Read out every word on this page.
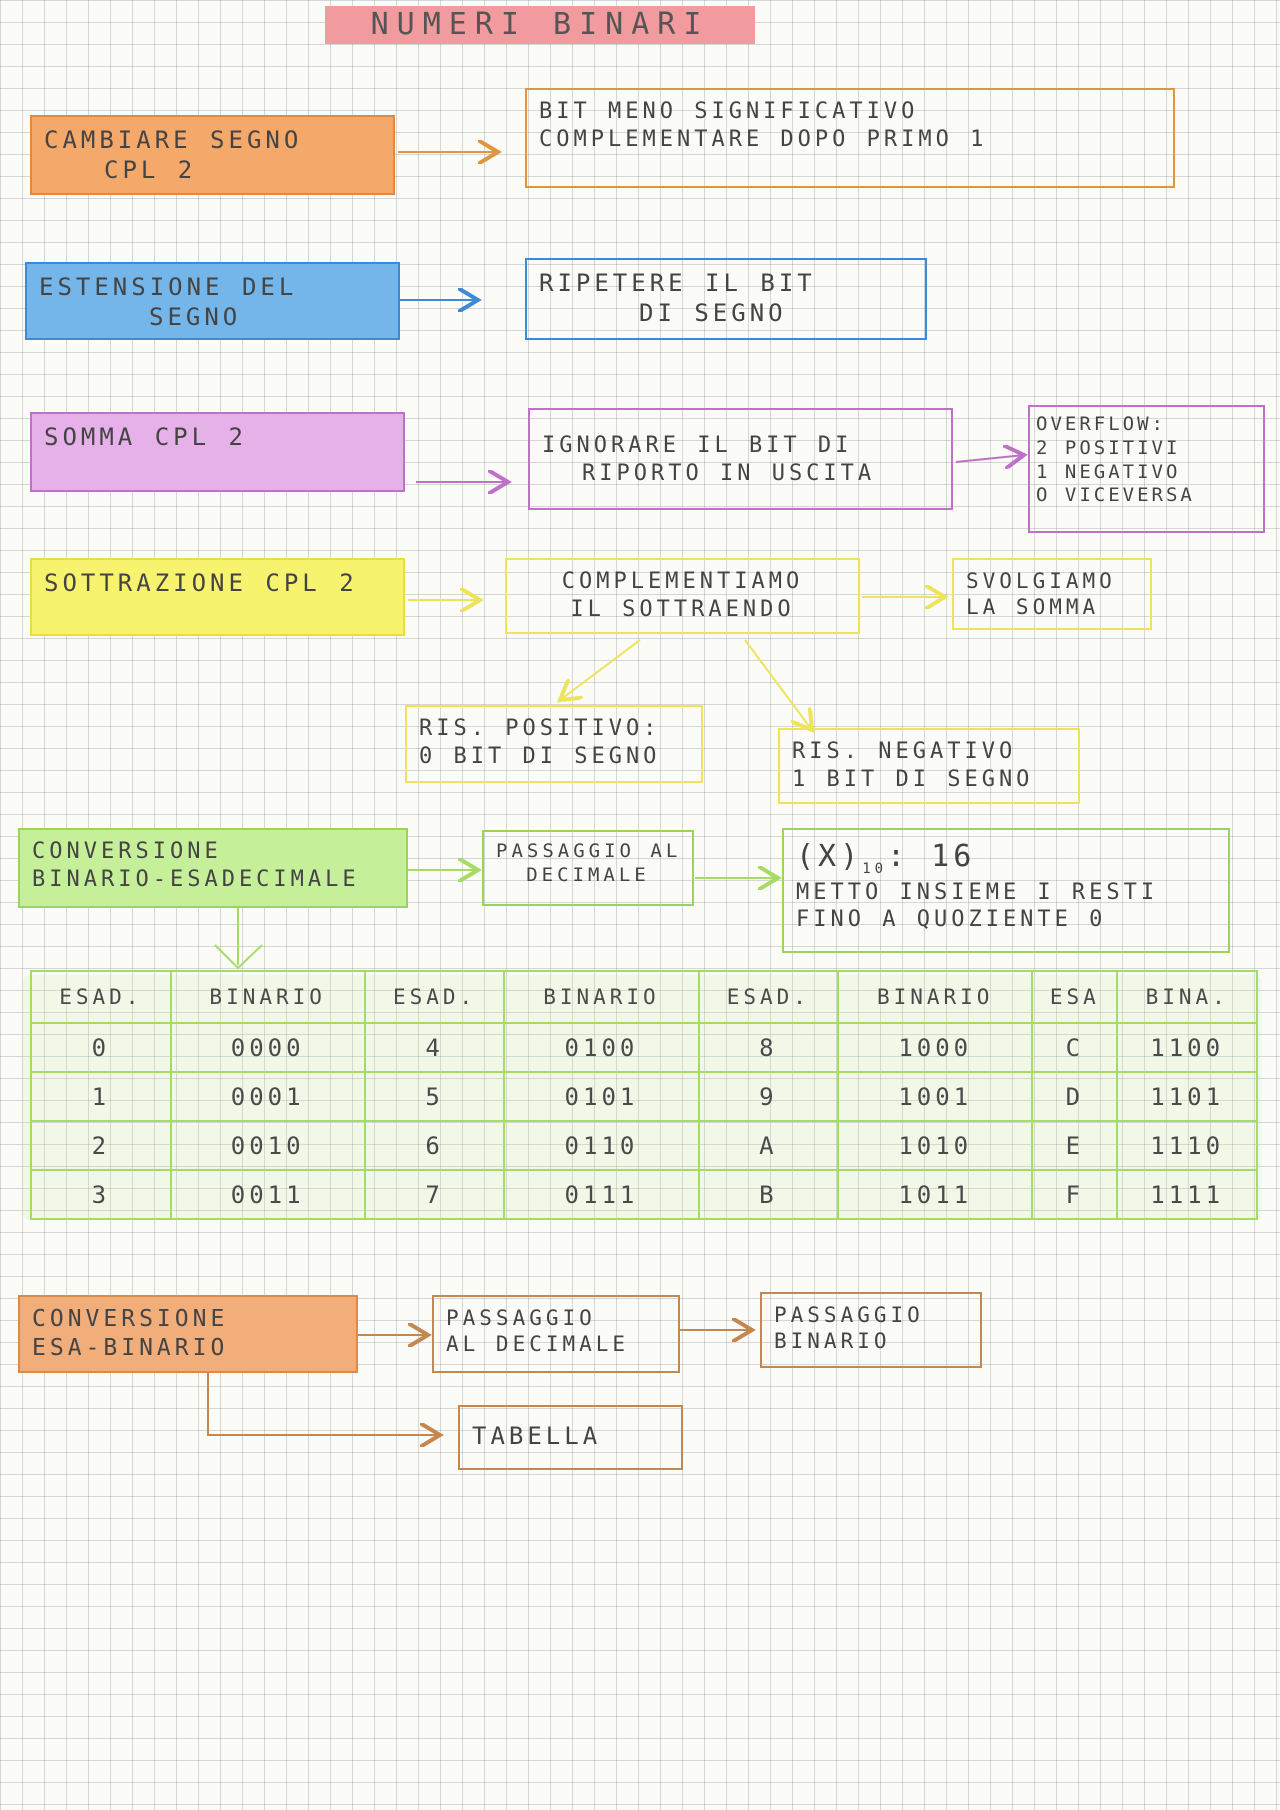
NUMERI BINARI
CAMBIARE SEGNO
CPL 2
BIT MENO SIGNIFICATIVO
COMPLEMENTARE DOPO PRIMO 1
ESTENSIONE DEL
SEGNO
RIPETERE IL BIT
DI SEGNO
SOMMA CPL 2	IGNORARE IL BIT DI
RIPORTO IN USCITA
OVERFLOW:
2 POSITIVI
1 NEGATIVO
O VICEVERSA
SOTTRAZIONE CPL 2	COMPLEMENTIAMO
IL SOTTRAENDO
SVOLGIAMO
LA SOMMA
RIS. POSITIVO:
0 BIT DI SEGNO	RIS. NEGATIVO
1 BIT DI SEGNO
CONVERSIONE
BINARIO-ESADECIMALE
PASSAGGIO AL
DECIMALE
$(X)_{10}$: 16
METTO INSIEME I RESTI
FINO A QUOZIENTE 0
ESAD.	BINARIO	ESAD.	BINARIO	ESAD.	BINARIO	ESA	BINA.
0	0000	4	0100	8	1000	C	1100
1	0001	5	0101	9	1001	D	1101
2	0010	6	0110	A	1010	E	1110
3	0011	7	0111	B	1011	F	1111
CONVERSIONE
ESA-BINARIO
PASSAGGIO
AL DECIMALE
PASSAGGIO
BINARIO
TABELLA
